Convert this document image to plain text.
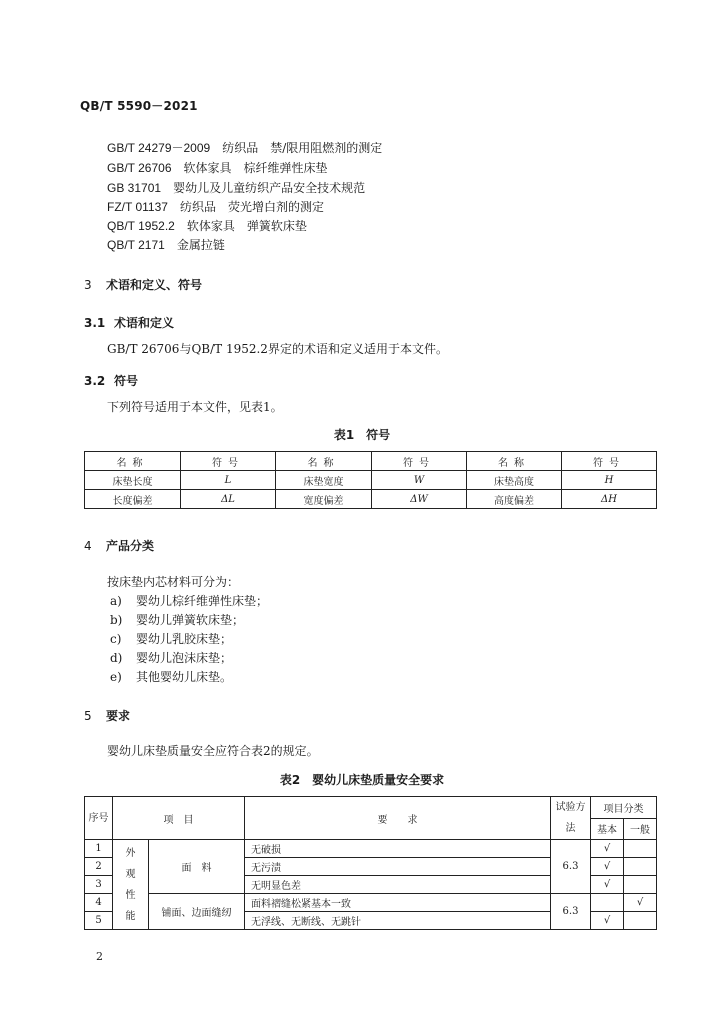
QB/T 5590－2021
GB/T 24279－2009　 纺织品　禁/限用阻燃剂的测定
GB/T 26706　 软体家具　棕纤维弹性床垫
GB 31701　 婴幼儿及儿童纺织产品安全技术规范
FZ/T 01137　 纺织品　荧光增白剂的测定
QB/T 1952.2　 软体家具　弹簧软床垫
QB/T 2171　 金属拉链
3 术语和定义、符号
3.1 术语和定义
GB/T 26706与QB/T 1952.2界定的术语和定义适用于本文件。
3.2 符号
下列符号适用于本文件，见表1。
表1　符号
名称	符号	名称	符号	名称	符号
床垫长度	L	床垫宽度	W	床垫高度	H
长度偏差	ΔL	宽度偏差	ΔW	高度偏差	ΔH
4 产品分类
按床垫内芯材料可分为：
a) 婴幼儿棕纤维弹性床垫；
b) 婴幼儿弹簧软床垫；
c) 婴幼儿乳胶床垫；
d) 婴幼儿泡沫床垫；
e) 其他婴幼儿床垫。
5 要求
婴幼儿床垫质量安全应符合表2的规定。
表2　婴幼儿床垫质量安全要求
序号	项　目		要　　求	试验方法	项目分类	
					基本	一般
1	外观性能	面　料	无破损	6.3	√	
2			无污渍		√	
3			无明显色差		√	
4		铺面、边面缝纫	面料褶缝松紧基本一致	6.3		√
5			无浮线、无断线、无跳针		√	
2
